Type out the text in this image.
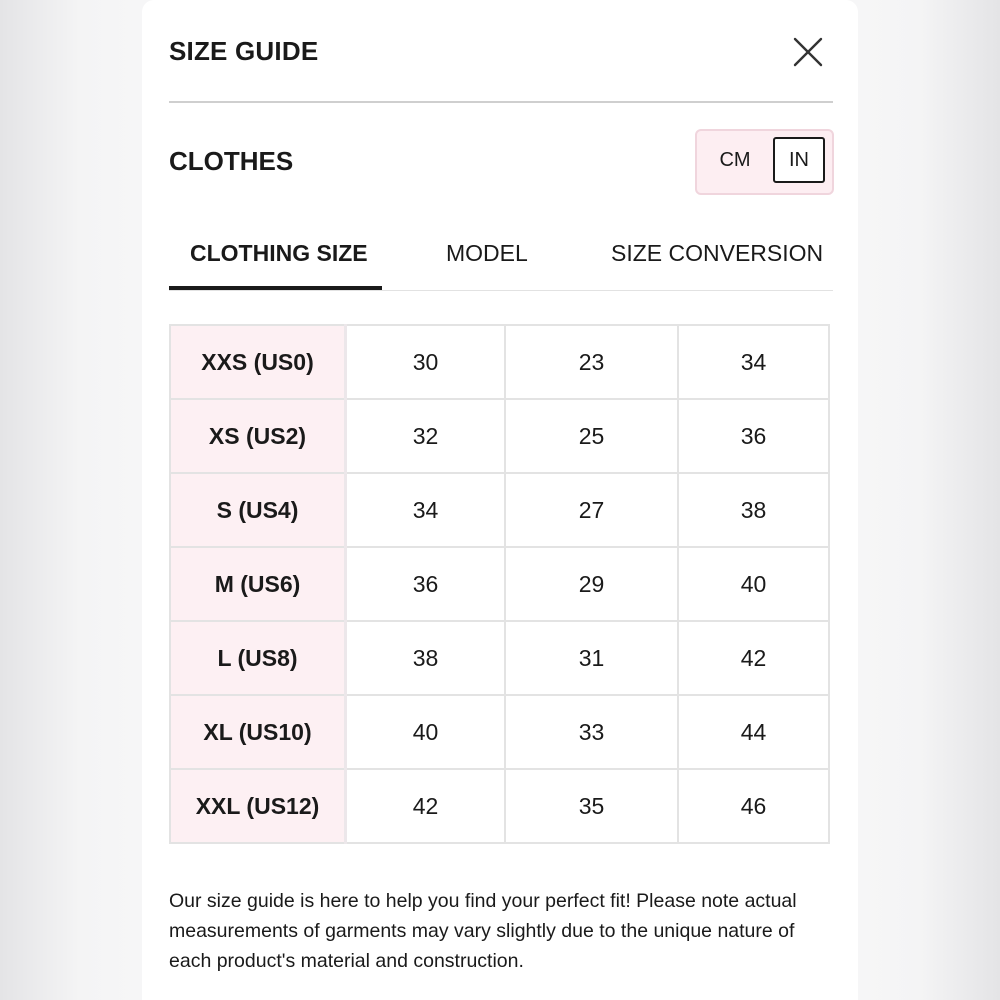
SIZE GUIDE
CLOTHES	CM	IN
CLOTHING SIZE	MODEL	SIZE CONVERSION
XXS (US0)	30	23	34
XS (US2)	32	25	36
S (US4)	34	27	38
M (US6)	36	29	40
L (US8)	38	31	42
XL (US10)	40	33	44
XXL (US12)	42	35	46
Our size guide is here to help you find your perfect fit! Please note actual measurements of garments may vary slightly due to the unique nature of each product's material and construction.
